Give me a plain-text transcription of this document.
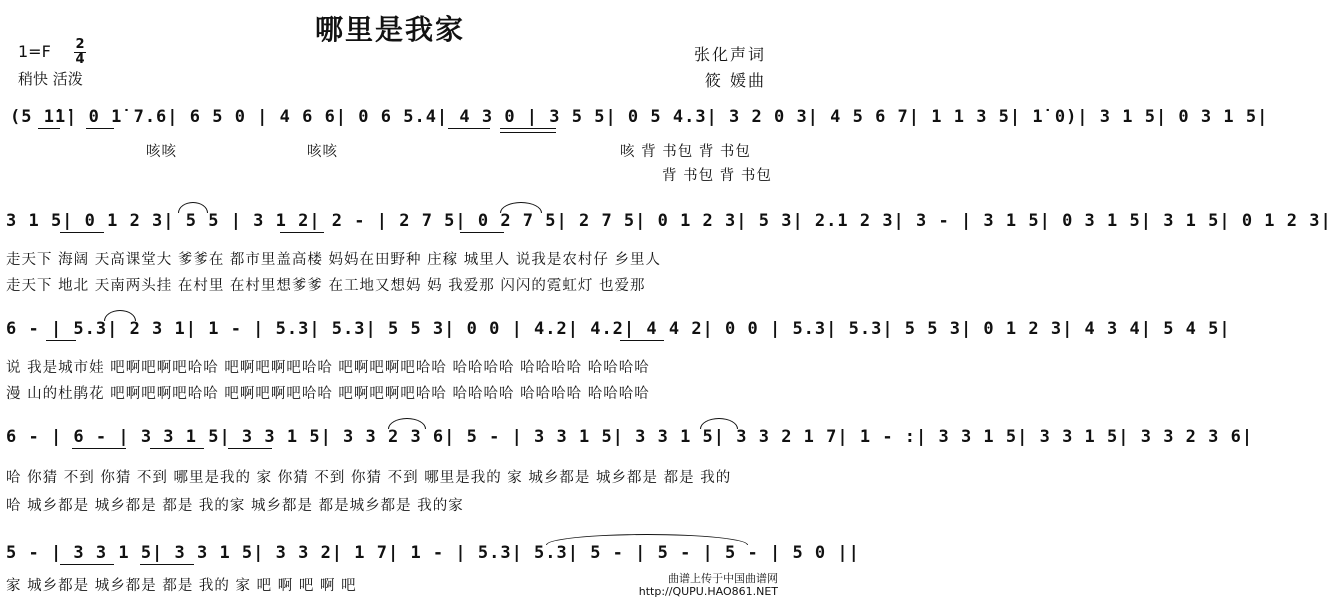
哪里是我家
1=F 2
4
稍快 活泼
张化声词
筱 媛曲
(5 1̇1̇| 0 1̇ 7.6| 6 5 0 | 4 6 6| 0 6 5.4| 4 3 0 | 3 5 5| 0 5 4.3| 3 2 0 3| 4 5 6 7| 1 1 3 5| 1̇ 0)| 3 1 5| 0 3 1 5|
咳咳	咳咳	咳 背 书包 背 书包
背 书包 背 书包
3 1 5| 0 1 2 3| 5 5 | 3 1 2| 2 - | 2 7 5| 0 2 7 5| 2 7 5| 0 1 2 3| 5 3| 2.1 2 3| 3 - | 3 1 5| 0 3 1 5| 3 1 5| 0 1 2 3|
走天下 海阔 天高课堂大 爹爹在 都市里盖高楼 妈妈在田野种 庄稼 城里人 说我是农村仔 乡里人
走天下 地北 天南两头挂 在村里 在村里想爹爹 在工地又想妈 妈 我爱那 闪闪的霓虹灯 也爱那
6 - | 5.3| 2 3 1| 1 - | 5.3| 5.3| 5 5 3| 0 0 | 4.2| 4.2| 4 4 2| 0 0 | 5.3| 5.3| 5 5 3| 0 1 2 3| 4 3 4| 5 4 5|
说 我是城市娃 吧啊吧啊吧哈哈 吧啊吧啊吧哈哈 吧啊吧啊吧哈哈 哈哈哈哈 哈哈哈哈 哈哈哈哈
漫 山的杜鹃花 吧啊吧啊吧哈哈 吧啊吧啊吧哈哈 吧啊吧啊吧哈哈 哈哈哈哈 哈哈哈哈 哈哈哈哈
6 - | 6 - | 3 3 1 5| 3 3 1 5| 3 3 2 3 6| 5 - | 3 3 1 5| 3 3 1 5| 3 3 2 1 7| 1 - :| 3 3 1 5| 3 3 1 5| 3 3 2 3 6|
哈 你猜 不到 你猜 不到 哪里是我的 家 你猜 不到 你猜 不到 哪里是我的 家 城乡都是 城乡都是 都是 我的
哈 城乡都是 城乡都是 都是 我的家 城乡都是 都是城乡都是 我的家
5 - | 3 3 1 5| 3 3 1 5| 3 3 2| 1 7| 1 - | 5.3| 5.3| 5 - | 5 - | 5 - | 5 0 ||
家 城乡都是 城乡都是 都是 我的 家 吧 啊 吧 啊 吧	曲谱上传于中国曲谱网
http://QUPU.HAO861.NET
